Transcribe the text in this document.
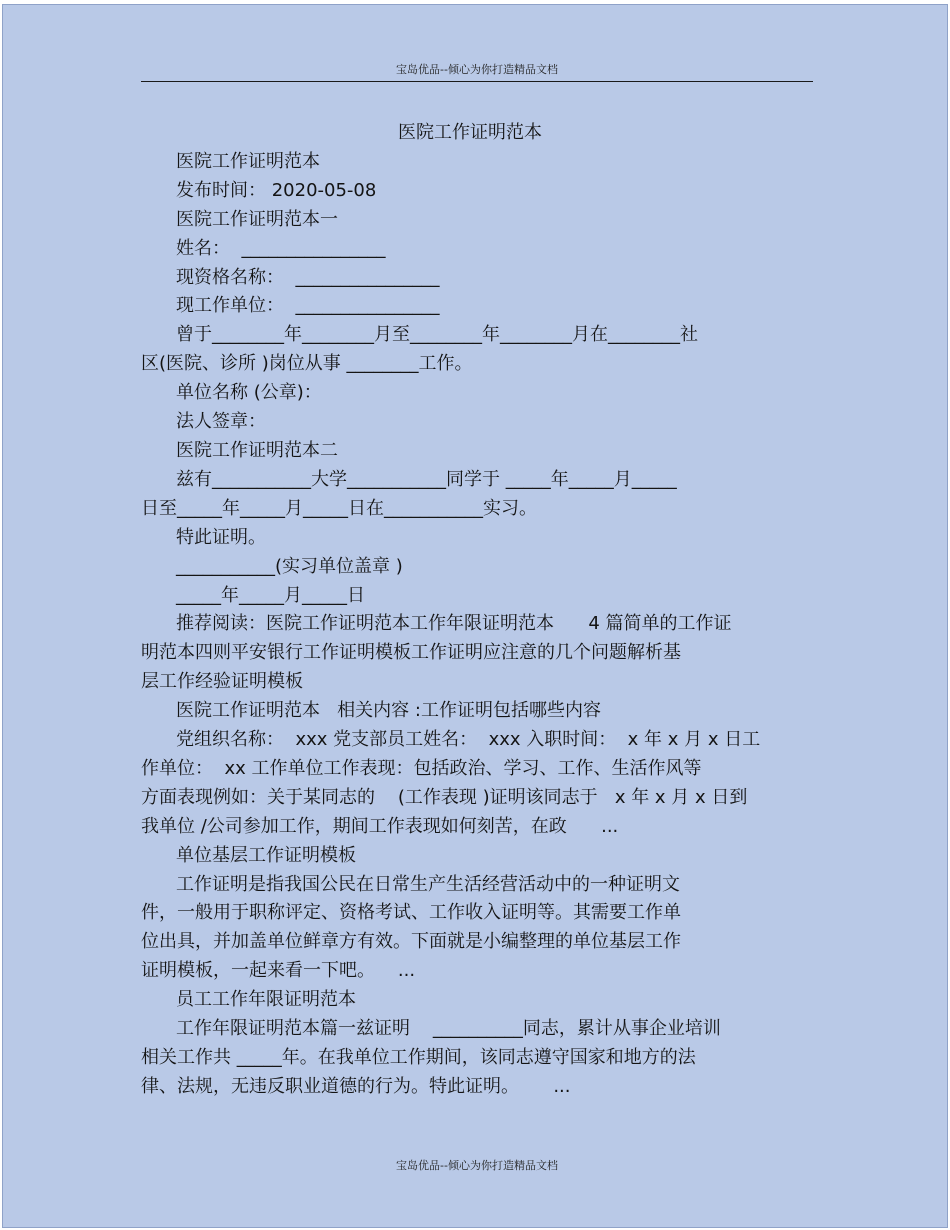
宝岛优品--倾心为你打造精品文档

医院工作证明范本

医院工作证明范本

发布时间： 2020-05-08

医院工作证明范本一

姓名：  ________________

现资格名称：  ________________

现工作单位：  ________________

曾于________年________月至________年________月在________社

区(医院、诊所 )岗位从事 ________工作。

单位名称 (公章)：

法人签章：

医院工作证明范本二

兹有___________大学___________同学于 _____年_____月_____

日至_____年_____月_____日在___________实习。

特此证明。

___________(实习单位盖章 )

_____年_____月_____日

推荐阅读：医院工作证明范本工作年限证明范本      4 篇简单的工作证

明范本四则平安银行工作证明模板工作证明应注意的几个问题解析基

层工作经验证明模板

医院工作证明范本   相关内容 :工作证明包括哪些内容

党组织名称：  xxx 党支部员工姓名：  xxx 入职时间：  x 年 x 月 x 日工

作单位：  xx 工作单位工作表现：包括政治、学习、工作、生活作风等

方面表现例如：关于某同志的    (工作表现 )证明该同志于   x 年 x 月 x 日到

我单位 /公司参加工作，期间工作表现如何刻苦，在政      ...

单位基层工作证明模板

工作证明是指我国公民在日常生产生活经营活动中的一种证明文

件，一般用于职称评定、资格考试、工作收入证明等。其需要工作单

位出具，并加盖单位鲜章方有效。下面就是小编整理的单位基层工作

证明模板，一起来看一下吧。    ...

员工工作年限证明范本

工作年限证明范本篇一兹证明    __________同志，累计从事企业培训

相关工作共 _____年。在我单位工作期间，该同志遵守国家和地方的法

律、法规，无违反职业道德的行为。特此证明。      ...

宝岛优品--倾心为你打造精品文档
